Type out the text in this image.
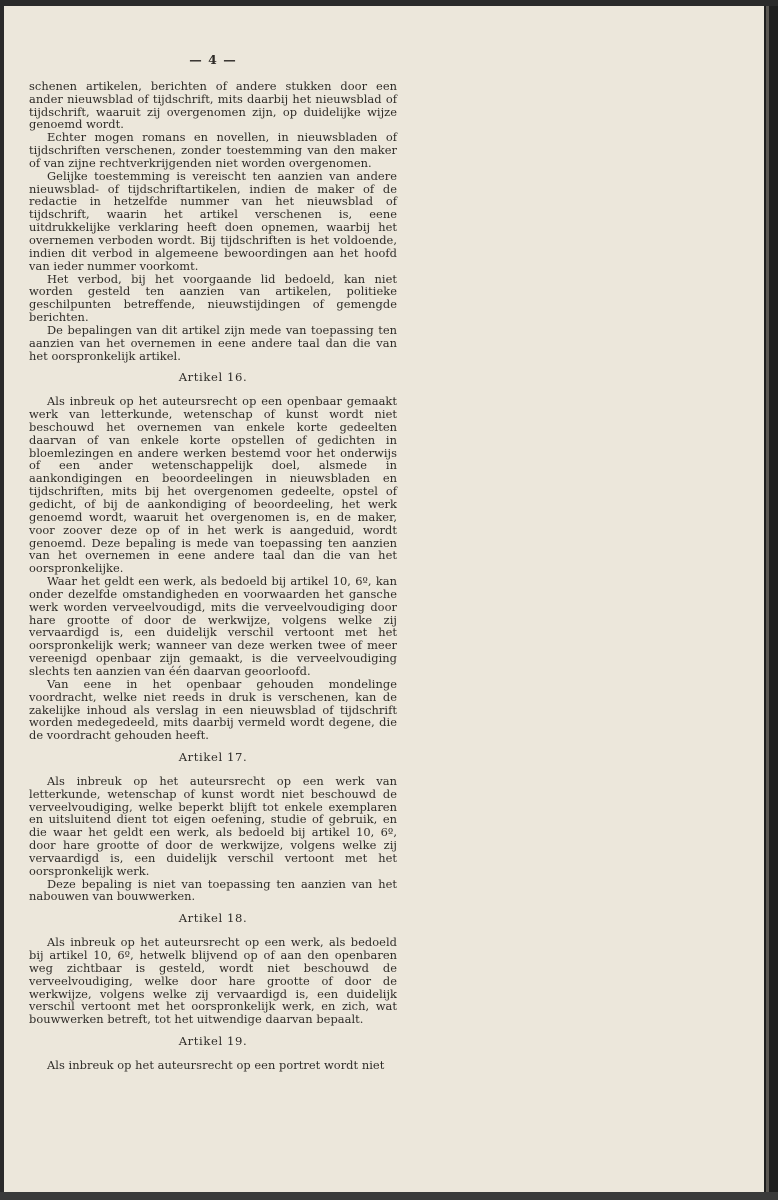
— 4 —

schenen artikelen, berichten of andere stukken door een ander nieuwsblad of tijdschrift, mits daarbij het nieuwsblad of tijdschrift, waaruit zij overgenomen zijn, op duidelijke wijze genoemd wordt.

Echter mogen romans en novellen, in nieuwsbladen of tijdschriften verschenen, zonder toestemming van den maker of van zijne rechtverkrijgenden niet worden overgenomen.

Gelijke toestemming is vereischt ten aanzien van andere nieuwsblad- of tijdschriftartikelen, indien de maker of de redactie in hetzelfde nummer van het nieuwsblad of tijdschrift, waarin het artikel verschenen is, eene uitdrukkelijke verklaring heeft doen opnemen, waarbij het overnemen verboden wordt. Bij tijdschriften is het voldoende, indien dit verbod in algemeene bewoordingen aan het hoofd van ieder nummer voorkomt.

Het verbod, bij het voorgaande lid bedoeld, kan niet worden gesteld ten aanzien van artikelen, politieke geschilpunten betreffende, nieuwstijdingen of gemengde berichten.

De bepalingen van dit artikel zijn mede van toepassing ten aanzien van het overnemen in eene andere taal dan die van het oorspronkelijk artikel.

Artikel 16.

Als inbreuk op het auteursrecht op een openbaar gemaakt werk van letterkunde, wetenschap of kunst wordt niet beschouwd het overnemen van enkele korte gedeelten daarvan of van enkele korte opstellen of gedichten in bloemlezingen en andere werken bestemd voor het onderwijs of een ander wetenschappelijk doel, alsmede in aankondigingen en beoordeelingen in nieuwsbladen en tijdschriften, mits bij het overgenomen gedeelte, opstel of gedicht, of bij de aankondiging of beoordeeling, het werk genoemd wordt, waaruit het overgenomen is, en de maker, voor zoover deze op of in het werk is aangeduid, wordt genoemd. Deze bepaling is mede van toepassing ten aanzien van het overnemen in eene andere taal dan die van het oorspronkelijke.

Waar het geldt een werk, als bedoeld bij artikel 10, 6º, kan onder dezelfde omstandigheden en voorwaarden het gansche werk worden verveelvoudigd, mits die verveelvoudiging door hare grootte of door de werkwijze, volgens welke zij vervaardigd is, een duidelijk verschil vertoont met het oorspronkelijk werk; wanneer van deze werken twee of meer vereenigd openbaar zijn gemaakt, is die verveelvoudiging slechts ten aanzien van één daarvan geoorloofd.

Van eene in het openbaar gehouden mondelinge voordracht, welke niet reeds in druk is verschenen, kan de zakelijke inhoud als verslag in een nieuwsblad of tijdschrift worden medegedeeld, mits daarbij vermeld wordt degene, die de voordracht gehouden heeft.

Artikel 17.

Als inbreuk op het auteursrecht op een werk van letterkunde, wetenschap of kunst wordt niet beschouwd de verveelvoudiging, welke beperkt blijft tot enkele exemplaren en uitsluitend dient tot eigen oefening, studie of gebruik, en die waar het geldt een werk, als bedoeld bij artikel 10, 6º, door hare grootte of door de werkwijze, volgens welke zij vervaardigd is, een duidelijk verschil vertoont met het oorspronkelijk werk.

Deze bepaling is niet van toepassing ten aanzien van het nabouwen van bouwwerken.

Artikel 18.

Als inbreuk op het auteursrecht op een werk, als bedoeld bij artikel 10, 6º, hetwelk blijvend op of aan den openbaren weg zichtbaar is gesteld, wordt niet beschouwd de verveelvoudiging, welke door hare grootte of door de werkwijze, volgens welke zij vervaardigd is, een duidelijk verschil vertoont met het oorspronkelijk werk, en zich, wat bouwwerken betreft, tot het uitwendige daarvan bepaalt.

Artikel 19.

Als inbreuk op het auteursrecht op een portret wordt niet
